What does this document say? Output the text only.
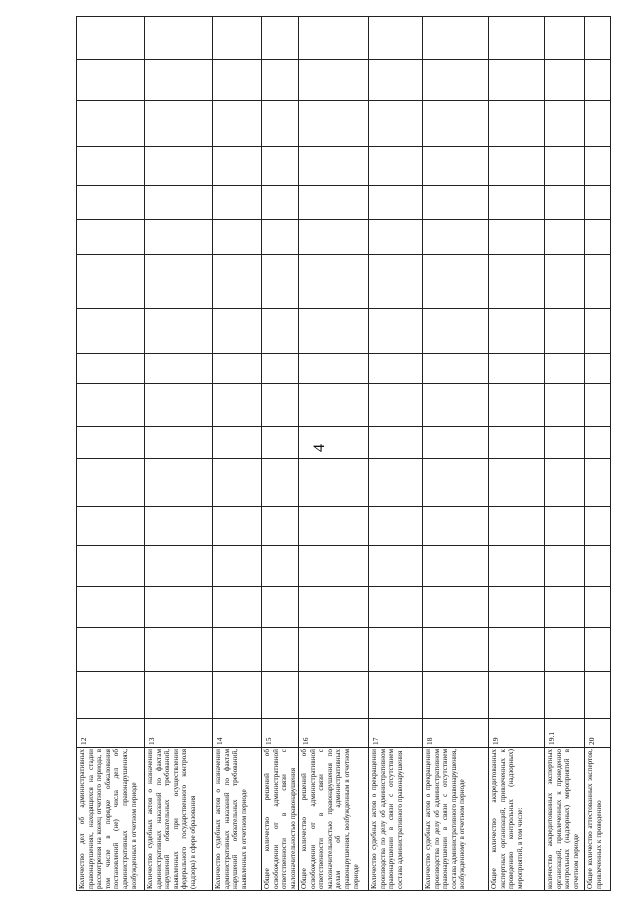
4
Количество дел об административных правонарушениях, находящихся на стадии рассмотрения на конец отчетного периода, в том числе в порядке обжалования постановлений (не) числа дел об административных правонарушениях, возбужденных в отчетном периоде
12
Количество судебных актов о назначении административных наказаний по фактам нарушений обязательных требований, выявленных при осуществлении федерального государственного контроля (надзора) в сфере образования
13
Количество судебных актов о назначении административных наказаний по фактам нарушений обязательных требований, выявленных в отчетном периоде
14
Общее количество решений об освобождении от административной ответственности в связи с малозначительностью правонарушения
15
Общее количество решений об освобождении от административной ответственности в связи с малозначительностью правонарушения по делам об административных правонарушениях, возбужденным в отчетном периоде
16
Количество судебных актов о прекращении производства по делу об административном правонарушении в связи с отсутствием состава административного правонарушения
17
Количество судебных актов о прекращении производства по делу об административном правонарушении в связи с отсутствием состава административного правонарушения, возбужденному в отчетном периоде
18
Общее количество аккредитованных экспертных организаций, привлеченных к проведению контрольных (надзорных) мероприятий, в том числе:
19
количество аккредитованных экспертных организаций, привлеченных к проведению контрольных (надзорных) мероприятий в отчетном периоде
19.1
Общее количество аттестованных экспертов, привлеченных к проведению
20
